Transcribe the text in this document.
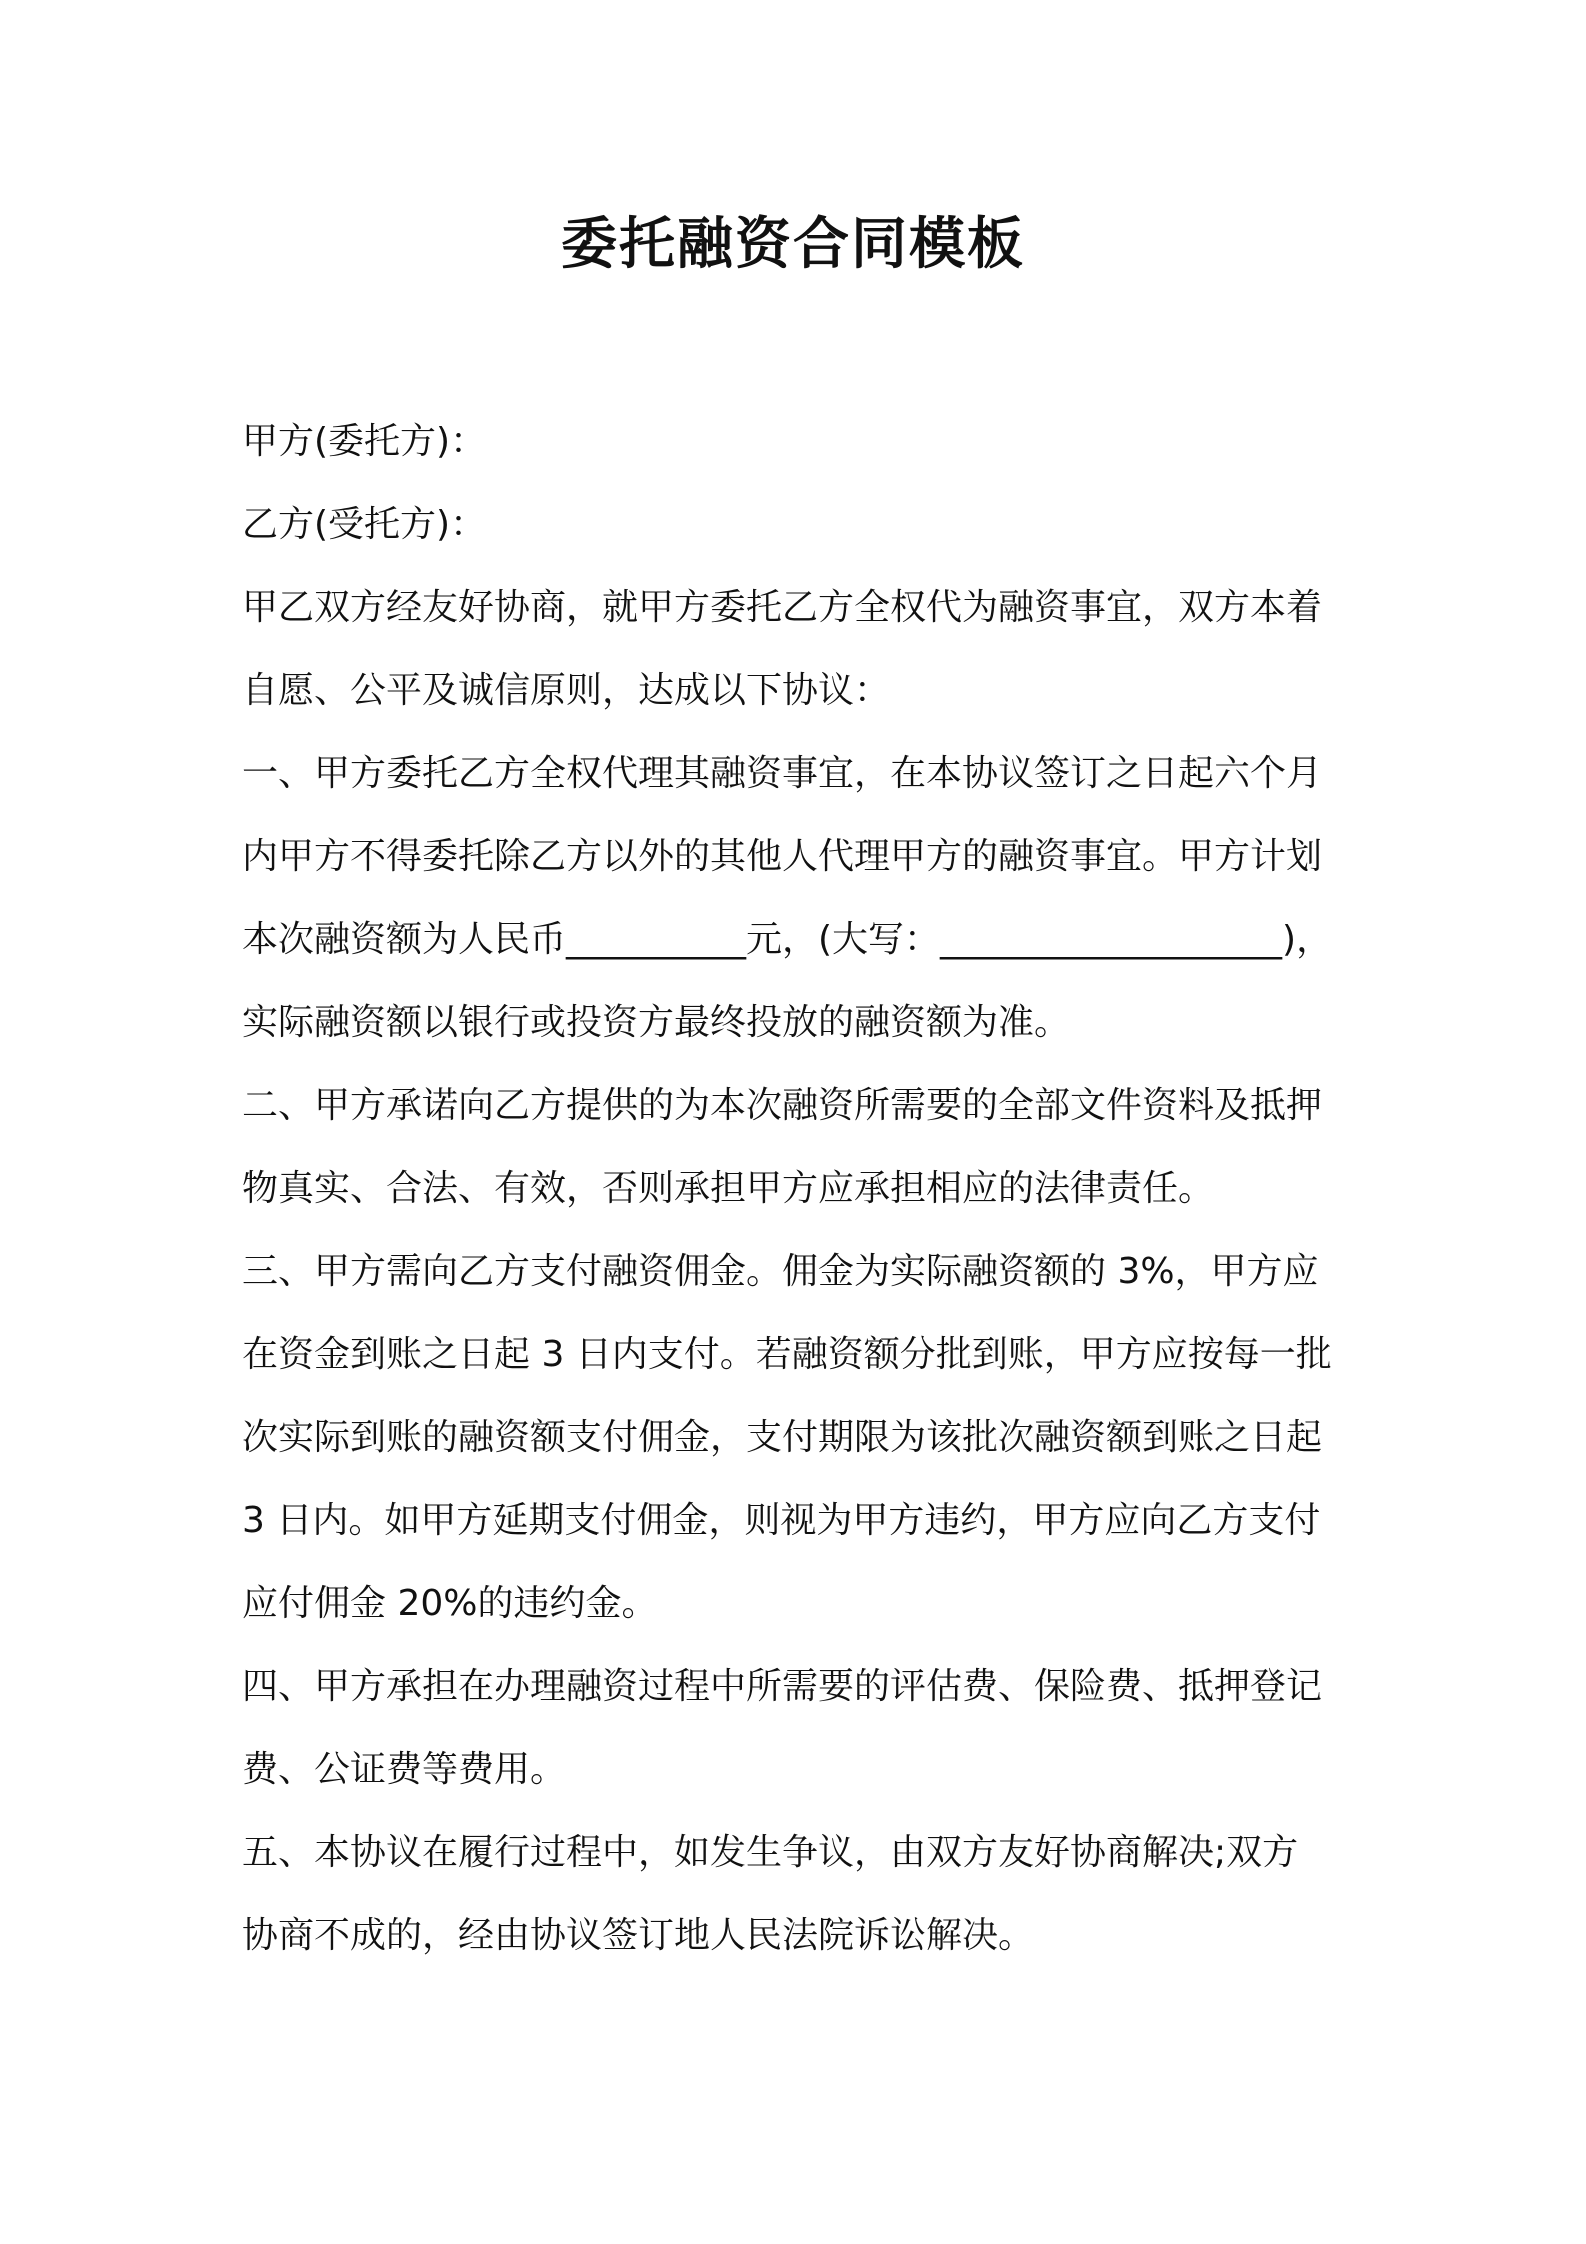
委托融资合同模板
甲方(委托方)：
乙方(受托方)：
甲乙双方经友好协商，就甲方委托乙方全权代为融资事宜，双方本着
自愿、公平及诚信原则，达成以下协议：
一、甲方委托乙方全权代理其融资事宜，在本协议签订之日起六个月
内甲方不得委托除乙方以外的其他人代理甲方的融资事宜。甲方计划
本次融资额为人民币__________元，(大写：___________________)，
实际融资额以银行或投资方最终投放的融资额为准。
二、甲方承诺向乙方提供的为本次融资所需要的全部文件资料及抵押
物真实、合法、有效，否则承担甲方应承担相应的法律责任。
三、甲方需向乙方支付融资佣金。佣金为实际融资额的 3%，甲方应
在资金到账之日起 3 日内支付。若融资额分批到账，甲方应按每一批
次实际到账的融资额支付佣金，支付期限为该批次融资额到账之日起
3 日内。如甲方延期支付佣金，则视为甲方违约，甲方应向乙方支付
应付佣金 20%的违约金。
四、甲方承担在办理融资过程中所需要的评估费、保险费、抵押登记
费、公证费等费用。
五、本协议在履行过程中，如发生争议，由双方友好协商解决;双方
协商不成的，经由协议签订地人民法院诉讼解决。
